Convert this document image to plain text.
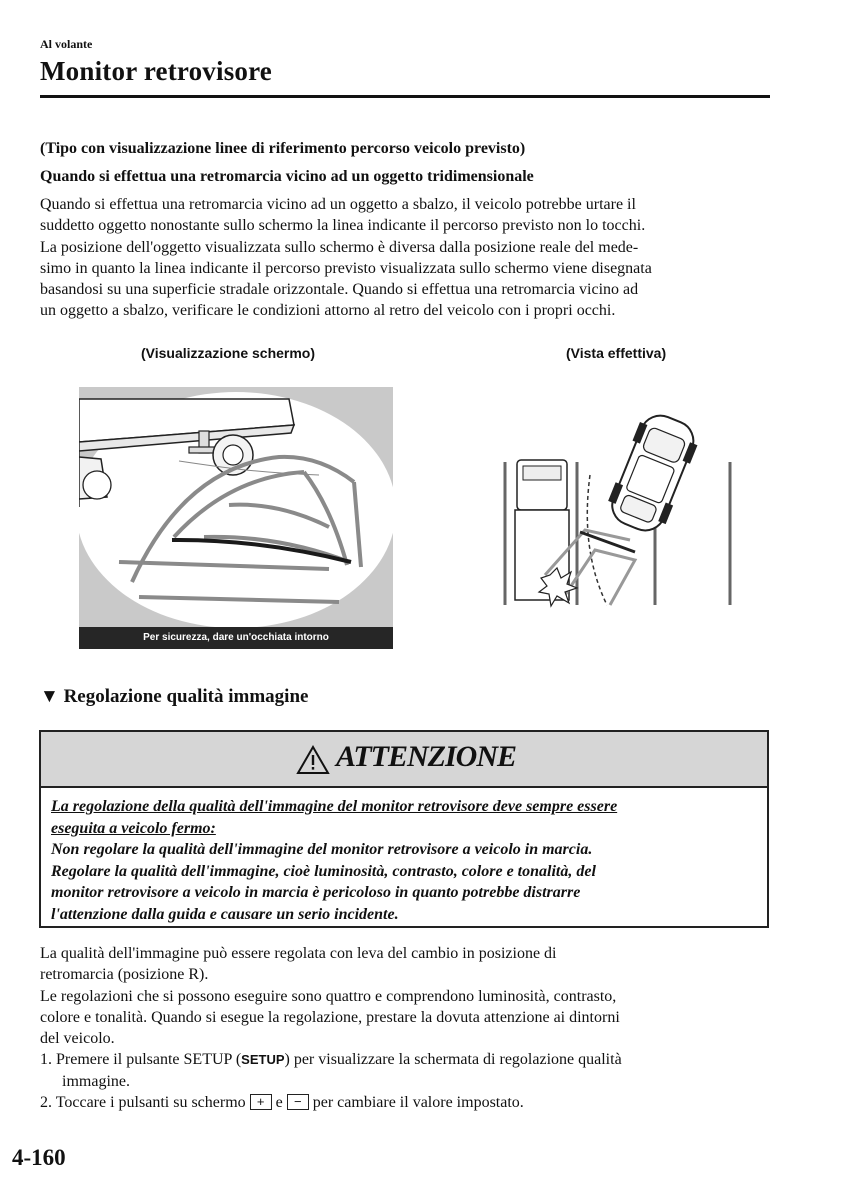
Al volante
Monitor retrovisore
(Tipo con visualizzazione linee di riferimento percorso veicolo previsto)
Quando si effettua una retromarcia vicino ad un oggetto tridimensionale
Quando si effettua una retromarcia vicino ad un oggetto a sbalzo, il veicolo potrebbe urtare il
suddetto oggetto nonostante sullo schermo la linea indicante il percorso previsto non lo tocchi.
La posizione dell'oggetto visualizzata sullo schermo è diversa dalla posizione reale del mede-
simo in quanto la linea indicante il percorso previsto visualizzata sullo schermo viene disegnata
basandosi su una superficie stradale orizzontale. Quando si effettua una retromarcia vicino ad
un oggetto a sbalzo, verificare le condizioni attorno al retro del veicolo con i propri occhi.
(Visualizzazione schermo)	(Vista effettiva)
Per sicurezza, dare un'occhiata intorno
▼ Regolazione qualità immagine
ATTENZIONE
La regolazione della qualità dell'immagine del monitor retrovisore deve sempre essere
eseguita a veicolo fermo:
Non regolare la qualità dell'immagine del monitor retrovisore a veicolo in marcia.
Regolare la qualità dell'immagine, cioè luminosità, contrasto, colore e tonalità, del
monitor retrovisore a veicolo in marcia è pericoloso in quanto potrebbe distrarre
l'attenzione dalla guida e causare un serio incidente.
La qualità dell'immagine può essere regolata con leva del cambio in posizione di
retromarcia (posizione R).
Le regolazioni che si possono eseguire sono quattro e comprendono luminosità, contrasto,
colore e tonalità. Quando si esegue la regolazione, prestare la dovuta attenzione ai dintorni
del veicolo.
1. Premere il pulsante SETUP (SETUP) per visualizzare la schermata di regolazione qualità
immagine.
2. Toccare i pulsanti su schermo + e − per cambiare il valore impostato.
4-160
